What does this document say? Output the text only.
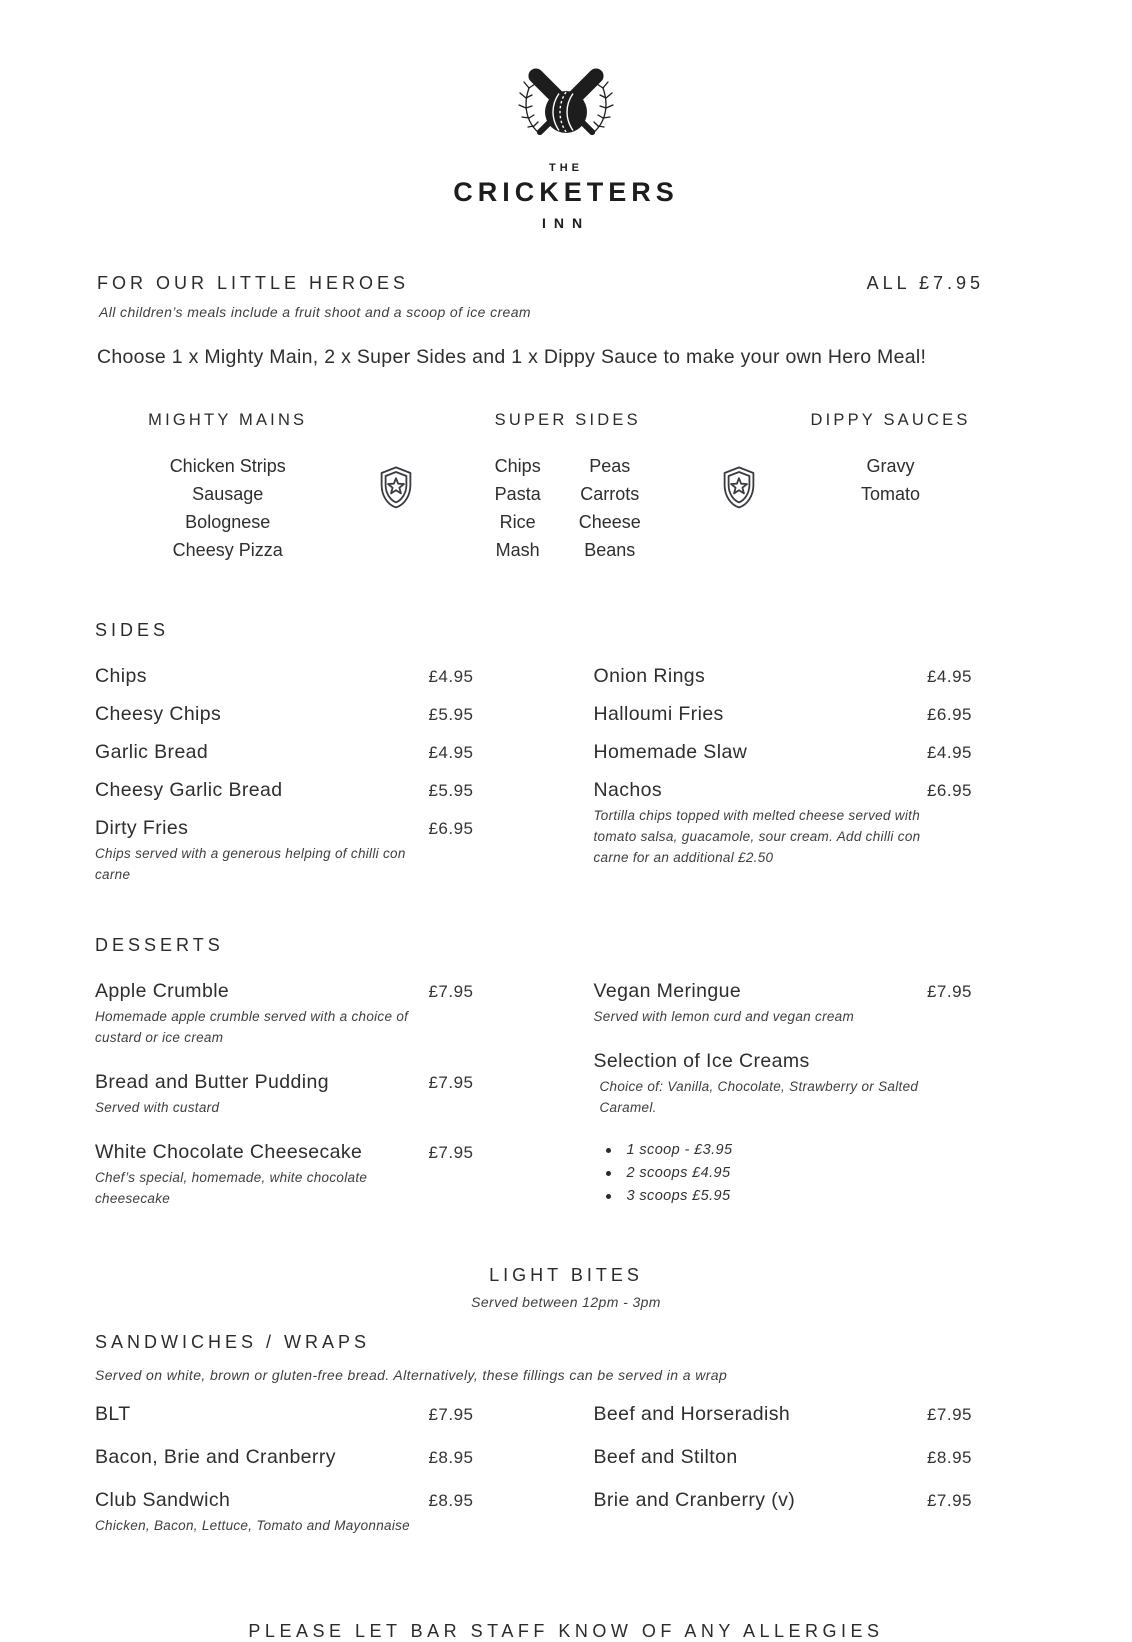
THE
CRICKETERS
INN
FOR OUR LITTLE HEROES	ALL £7.95
All children’s meals include a fruit shoot and a scoop of ice cream
Choose 1 x Mighty Main, 2 x Super Sides and 1 x Dippy Sauce to make your own Hero Meal!
MIGHTY MAINS
Chicken Strips
Sausage
Bolognese
Cheesy Pizza
SUPER SIDES
Chips
Pasta
Rice
Mash
Peas
Carrots
Cheese
Beans
DIPPY SAUCES
Gravy
Tomato
SIDES
Chips	£4.95
Cheesy Chips	£5.95
Garlic Bread	£4.95
Cheesy Garlic Bread	£5.95
Dirty Fries	£6.95
Chips served with a generous helping of chilli con carne
Onion Rings	£4.95
Halloumi Fries	£6.95
Homemade Slaw	£4.95
Nachos	£6.95
Tortilla chips topped with melted cheese served with tomato salsa, guacamole, sour cream. Add chilli con carne for an additional £2.50
DESSERTS
Apple Crumble	£7.95
Homemade apple crumble served with a choice of custard or ice cream
Bread and Butter Pudding	£7.95
Served with custard
White Chocolate Cheesecake	£7.95
Chef’s special, homemade, white chocolate cheesecake
Vegan Meringue	£7.95
Served with lemon curd and vegan cream
Selection of Ice Creams
Choice of: Vanilla, Chocolate, Strawberry or Salted Caramel.
1 scoop - £3.95
2 scoops £4.95
3 scoops £5.95
LIGHT BITES
Served between 12pm - 3pm
SANDWICHES / WRAPS
Served on white, brown or gluten-free bread. Alternatively, these fillings can be served in a wrap
BLT	£7.95
Bacon, Brie and Cranberry	£8.95
Club Sandwich	£8.95
Chicken, Bacon, Lettuce, Tomato and Mayonnaise
Beef and Horseradish	£7.95
Beef and Stilton	£8.95
Brie and Cranberry (v)	£7.95
PLEASE LET BAR STAFF KNOW OF ANY ALLERGIES
